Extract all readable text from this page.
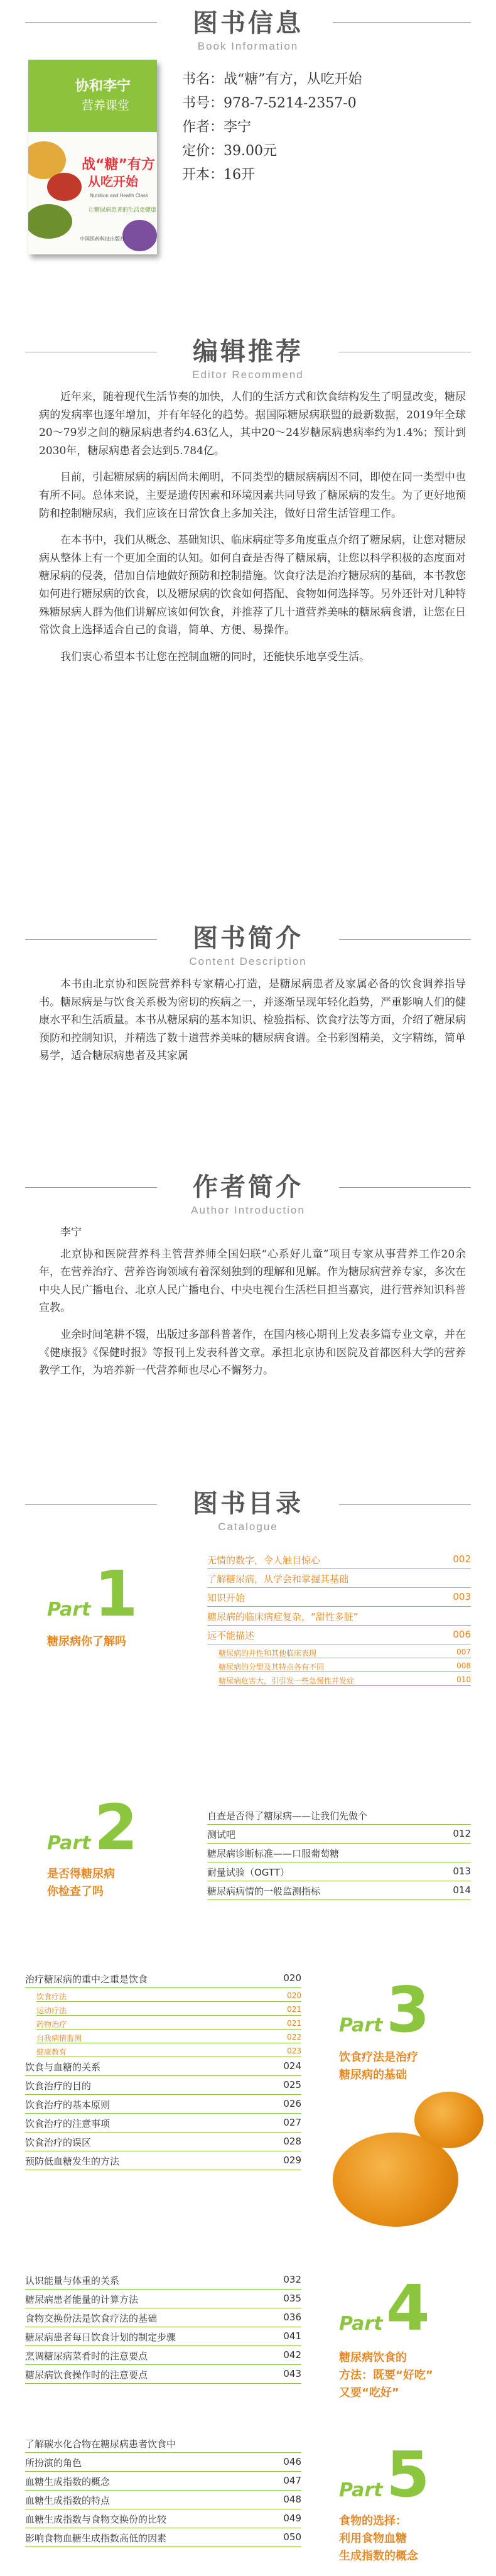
图书信息
Book Information
协和李宁
营养课堂
战“糖”有方
从吃开始
Nutrition and Health Class
让糖尿病患者的生活更健康
中国医药科技出版社
书名：战“糖”有方，从吃开始
书号：978-7-5214-2357-0
作者：李宁
定价：39.00元
开本：16开
编辑推荐
Editor Recommend

近年来，随着现代生活节奏的加快，人们的生活方式和饮食结构发生了明显改变，糖尿病的发病率也逐年增加，并有年轻化的趋势。据国际糖尿病联盟的最新数据，2019年全球20～79岁之间的糖尿病患者约4.63亿人，其中20～24岁糖尿病患病率约为1.4%；预计到2030年，糖尿病患者会达到5.784亿。

目前，引起糖尿病的病因尚未阐明，不同类型的糖尿病病因不同，即使在同一类型中也有所不同。总体来说，主要是遗传因素和环境因素共同导致了糖尿病的发生。为了更好地预防和控制糖尿病，我们应该在日常饮食上多加关注，做好日常生活管理工作。

在本书中，我们从概念、基础知识、临床病症等多角度重点介绍了糖尿病，让您对糖尿病从整体上有一个更加全面的认知。如何自查是否得了糖尿病，让您以科学积极的态度面对糖尿病的侵袭，借加自信地做好预防和控制措施。饮食疗法是治疗糖尿病的基础，本书教您如何进行糖尿病的饮食，以及糖尿病的饮食如何搭配、食物如何选择等。另外还针对几种特殊糖尿病人群为他们讲解应该如何饮食，并推荐了几十道营养美味的糖尿病食谱，让您在日常饮食上选择适合自己的食谱，简单、方便、易操作。

我们衷心希望本书让您在控制血糖的同时，还能快乐地享受生活。

图书简介
Content Description

本书由北京协和医院营养科专家精心打造，是糖尿病患者及家属必备的饮食调养指导书。糖尿病是与饮食关系极为密切的疾病之一，并逐渐呈现年轻化趋势，严重影响人们的健康水平和生活质量。本书从糖尿病的基本知识、检验指标、饮食疗法等方面，介绍了糖尿病预防和控制知识，并精选了数十道营养美味的糖尿病食谱。全书彩图精美，文字精练，简单易学，适合糖尿病患者及其家属

作者简介
Author Introduction

李宁

北京协和医院营养科主管营养师全国妇联“心系好儿童”项目专家从事营养工作20余年，在营养治疗、营养咨询领域有着深刻独到的理解和见解。作为糖尿病营养专家，多次在中央人民广播电台、北京人民广播电台、中央电视台生活栏目担当嘉宾，进行营养知识科普宣教。

业余时间笔耕不辍，出版过多部科普著作，在国内核心期刊上发表多篇专业文章，并在《健康报》《保健时报》等报刊上发表科普文章。承担北京协和医院及首都医科大学的营养教学工作，为培养新一代营养师也尽心不懈努力。

图书目录
Catalogue
Part 1
糖尿病你了解吗
无情的数字，令人触目惊心	002
了解糖尿病，从学会和掌握其基础
知识开始	003
糖尿病的临床病症复杂，“甜性多脏”
远不能描述	006
糖尿病的并性和其他临床表现	007
糖尿病的分型及其特点各有不同	008
糖尿病危害大，引引发一些急慢性并发症	010
Part 2
是否得糖尿病
你检查了吗
自查是否得了糖尿病——让我们先做个
测试吧	012
糖尿病诊断标准——口服葡萄糖
耐量试验（OGTT）	013
糖尿病病情的一般监测指标	014
治疗糖尿病的重中之重是饮食	020
饮食疗法	020
运动疗法	021
药物治疗	021
自我病情监测	022
健康教育	023
饮食与血糖的关系	024
饮食治疗的目的	025
饮食治疗的基本原则	026
饮食治疗的注意事项	027
饮食治疗的误区	028
预防低血糖发生的方法	029
Part 3
饮食疗法是治疗
糖尿病的基础
认识能量与体重的关系	032
糖尿病患者能量的计算方法	035
食物交换份法是饮食疗法的基础	036
糖尿病患者每日饮食计划的制定步骤	041
烹调糖尿病菜肴时的注意要点	042
糖尿病饮食操作时的注意要点	043
Part 4
糖尿病饮食的
方法：既要“好吃”
又要“吃好”
了解碳水化合物在糖尿病患者饮食中
所扮演的角色	046
血糖生成指数的概念	047
血糖生成指数的特点	048
血糖生成指数与食物交换份的比较	049
影响食物血糖生成指数高低的因素	050
Part 5
食物的选择：
利用食物血糖
生成指数的概念
